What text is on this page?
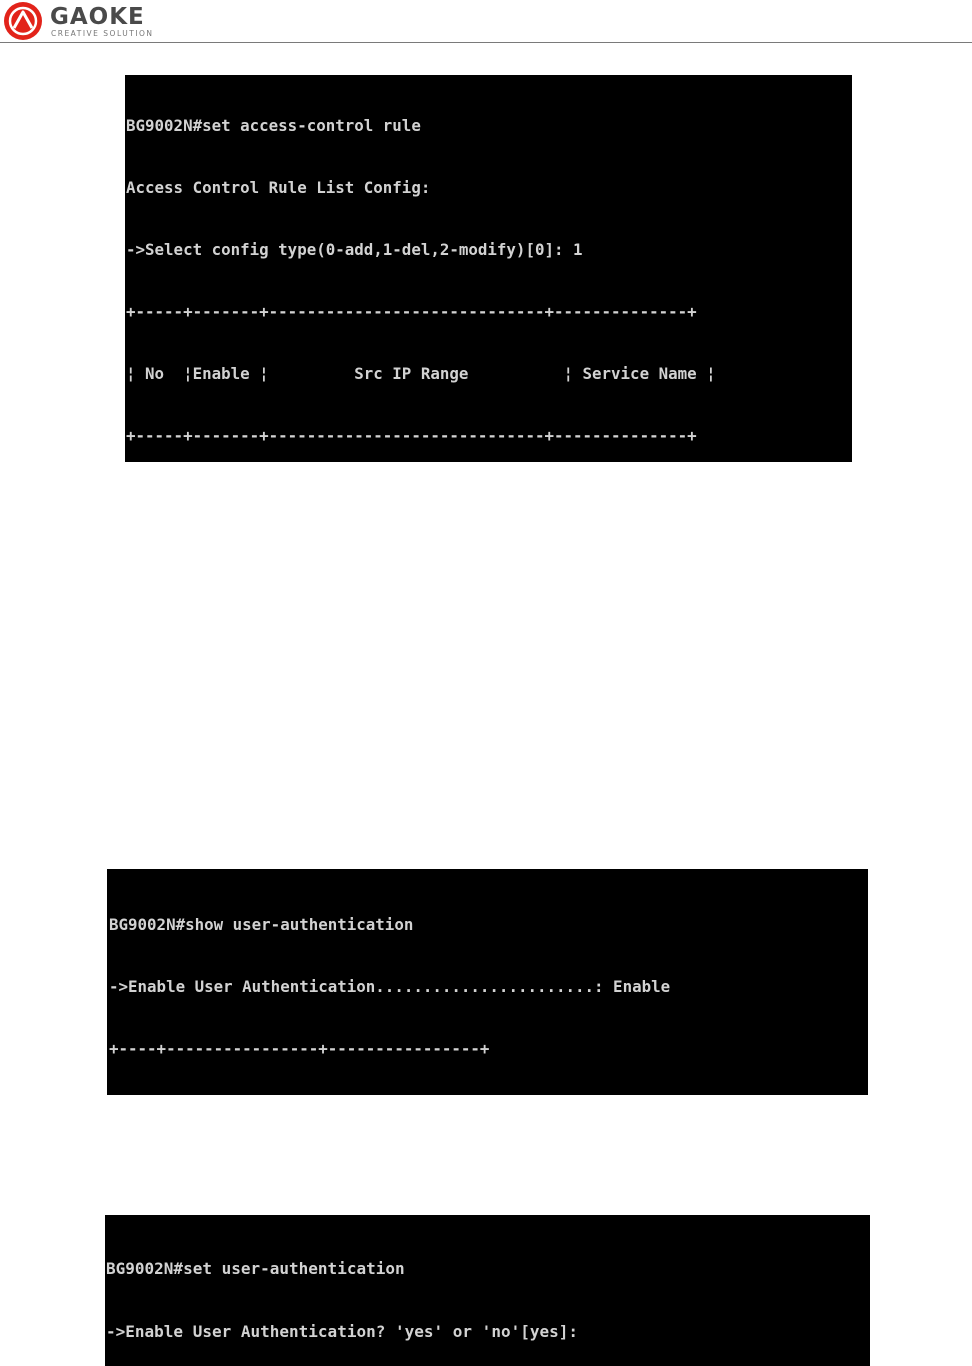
GAOKE
CREATIVE SOLUTION

BG9002N#set access-control rule

Access Control Rule List Config:

->Select config type(0-add,1-del,2-modify)[0]: 1

+-----+-------+-----------------------------+--------------+

¦ No  ¦Enable ¦         Src IP Range          ¦ Service Name ¦

+-----+-------+-----------------------------+--------------+

BG9002N#show user-authentication

->Enable User Authentication.......................: Enable

+----+----------------+----------------+

BG9002N#set user-authentication

->Enable User Authentication? 'yes' or 'no'[yes]:
